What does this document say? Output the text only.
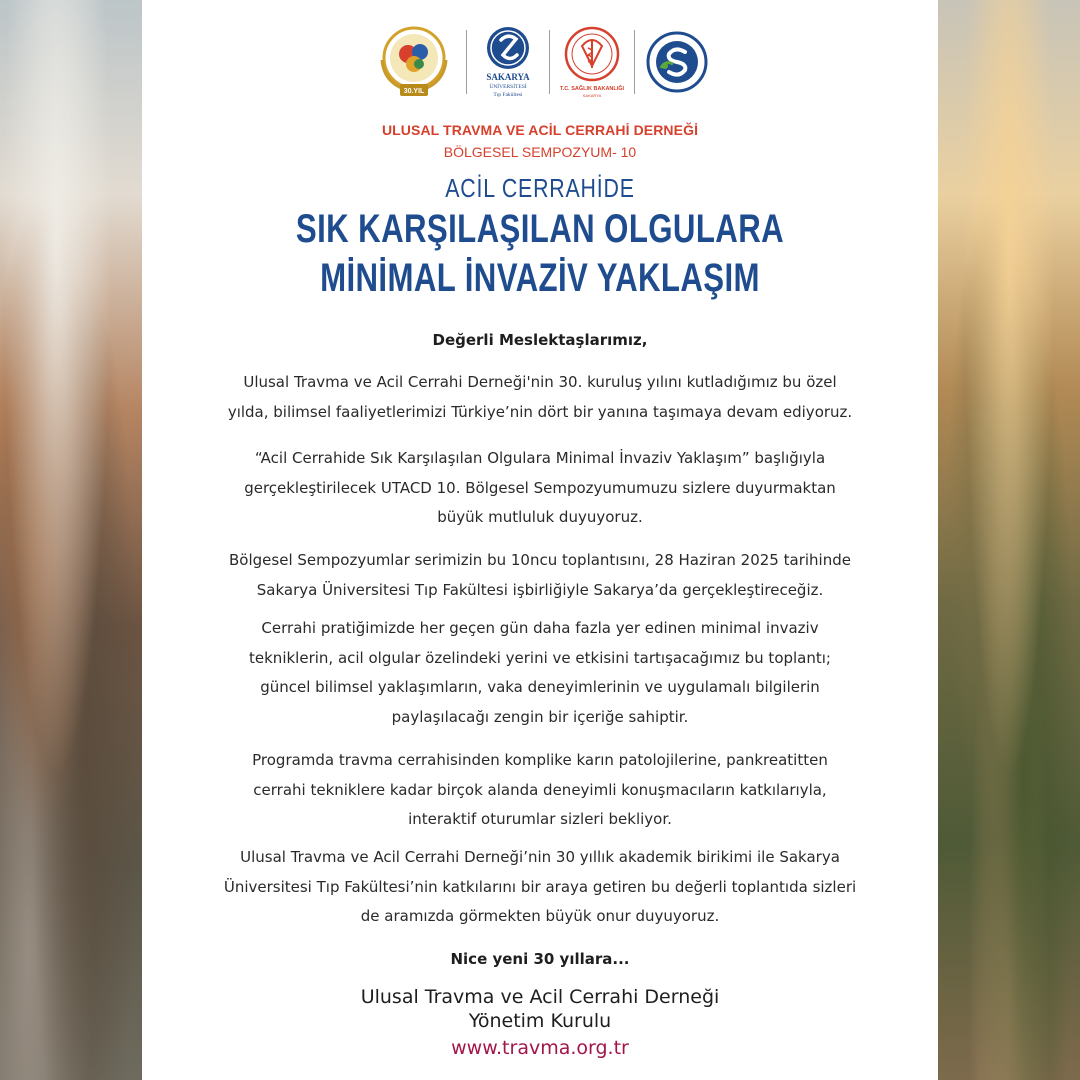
30.YIL
SAKARYA
ÜNİVERSİTESİ
Tıp Fakültesi
T.C. SAĞLIK BAKANLIĞI
SAKARYA
ULUSAL TRAVMA VE ACİL CERRAHİ DERNEĞİ
BÖLGESEL SEMPOZYUM- 10
ACİL CERRAHİDE
SIK KARŞILAŞILAN OLGULARA
MİNİMAL İNVAZİV YAKLAŞIM
Değerli Meslektaşlarımız,
Ulusal Travma ve Acil Cerrahi Derneği'nin 30. kuruluş yılını kutladığımız bu özel
yılda, bilimsel faaliyetlerimizi Türkiye’nin dört bir yanına taşımaya devam ediyoruz.
“Acil Cerrahide Sık Karşılaşılan Olgulara Minimal İnvaziv Yaklaşım” başlığıyla
gerçekleştirilecek UTACD 10. Bölgesel Sempozyumumuzu sizlere duyurmaktan
büyük mutluluk duyuyoruz.
Bölgesel Sempozyumlar serimizin bu 10ncu toplantısını, 28 Haziran 2025 tarihinde
Sakarya Üniversitesi Tıp Fakültesi işbirliğiyle Sakarya’da gerçekleştireceğiz.
Cerrahi pratiğimizde her geçen gün daha fazla yer edinen minimal invaziv
teknikleri̇n, acil olgular özelindeki yerini ve etkisini tartışacağımız bu toplantı;
güncel bilimsel yaklaşımların, vaka deneyimlerinin ve uygulamalı bilgilerin
paylaşılacağı zengin bir içeriğe sahiptir.
Programda travma cerrahisinden komplike karın patolojilerine, pankreatitten
cerrahi tekniklere kadar birçok alanda deneyimli konuşmacıların katkılarıyla,
interaktif oturumlar sizleri bekliyor.
Ulusal Travma ve Acil Cerrahi Derneği’nin 30 yıllık akademik birikimi ile Sakarya
Üniversitesi Tıp Fakültesi’nin katkılarını bir araya getiren bu değerli toplantıda sizleri
de aramızda görmekten büyük onur duyuyoruz.
Nice yeni 30 yıllara...
Ulusal Travma ve Acil Cerrahi Derneği
Yönetim Kurulu
www.travma.org.tr
